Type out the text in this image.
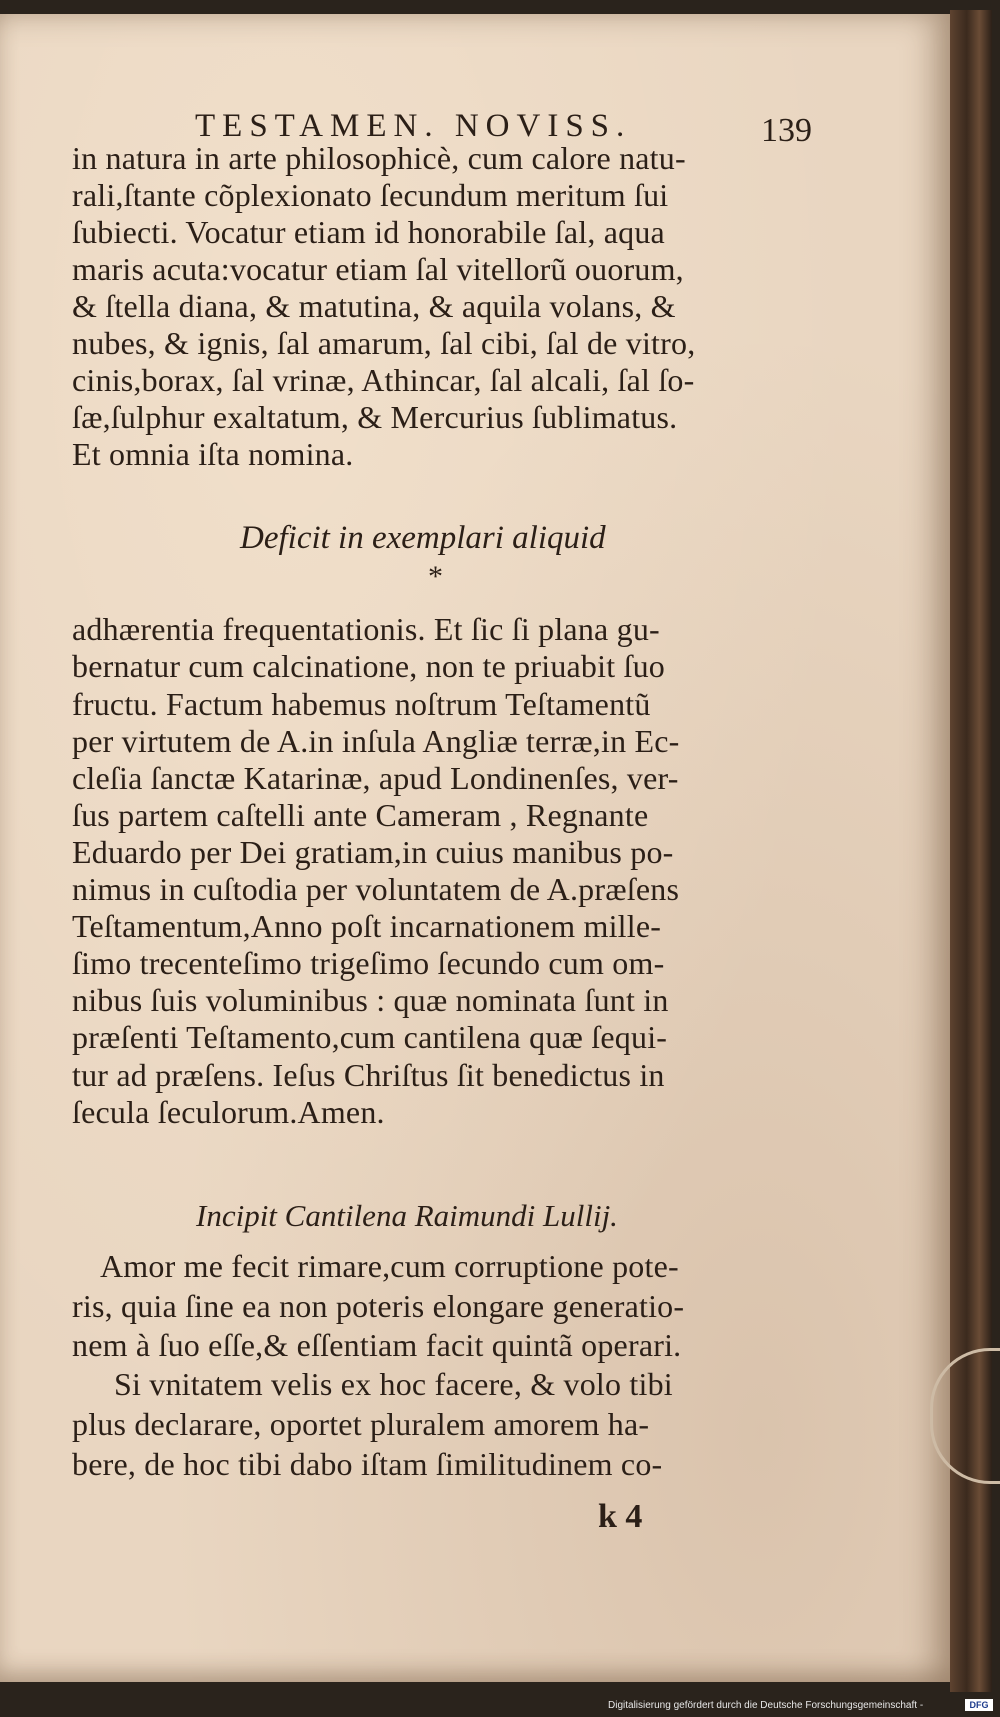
TESTAMEN. NOVISS.	139
in natura in arte philosophicè, cum calore natu-
rali,ſtante cõplexionato ſecundum meritum ſui
ſubiecti. Vocatur etiam id honorabile ſal, aqua
maris acuta:vocatur etiam ſal vitellorũ ouorum,
& ſtella diana, & matutina, & aquila volans, &
nubes, & ignis, ſal amarum, ſal cibi, ſal de vitro,
cinis,borax, ſal vrinæ, Athincar, ſal alcali, ſal ſo-
ſæ,ſulphur exaltatum, & Mercurius ſublimatus.
Et omnia iſta nomina.
Deficit in exemplari aliquid
*
adhærentia frequentationis. Et ſic ſi plana gu-
bernatur cum calcinatione, non te priuabit ſuo
fructu. Factum habemus noſtrum Teſtamentũ
per virtutem de A.in inſula Angliæ terræ,in Ec-
cleſia ſanctæ Katarinæ, apud Londinenſes, ver-
ſus partem caſtelli ante Cameram , Regnante
Eduardo per Dei gratiam,in cuius manibus po-
nimus in cuſtodia per voluntatem de A.præſens
Teſtamentum,Anno poſt incarnationem mille-
ſimo trecenteſimo trigeſimo ſecundo cum om-
nibus ſuis voluminibus : quæ nominata ſunt in
præſenti Teſtamento,cum cantilena quæ ſequi-
tur ad præſens. Ieſus Chriſtus ſit benedictus in
ſecula ſeculorum.Amen.
Incipit Cantilena Raimundi Lullij.
Amor me fecit rimare,cum corruptione pote-
ris, quia ſine ea non poteris elongare generatio-
nem à ſuo eſſe,& eſſentiam facit quintã operari.
Si vnitatem velis ex hoc facere, & volo tibi
plus declarare, oportet pluralem amorem ha-
bere, de hoc tibi dabo iſtam ſimilitudinem co-
k 4
Digitalisierung gefördert durch die Deutsche Forschungsgemeinschaft -	DFG
